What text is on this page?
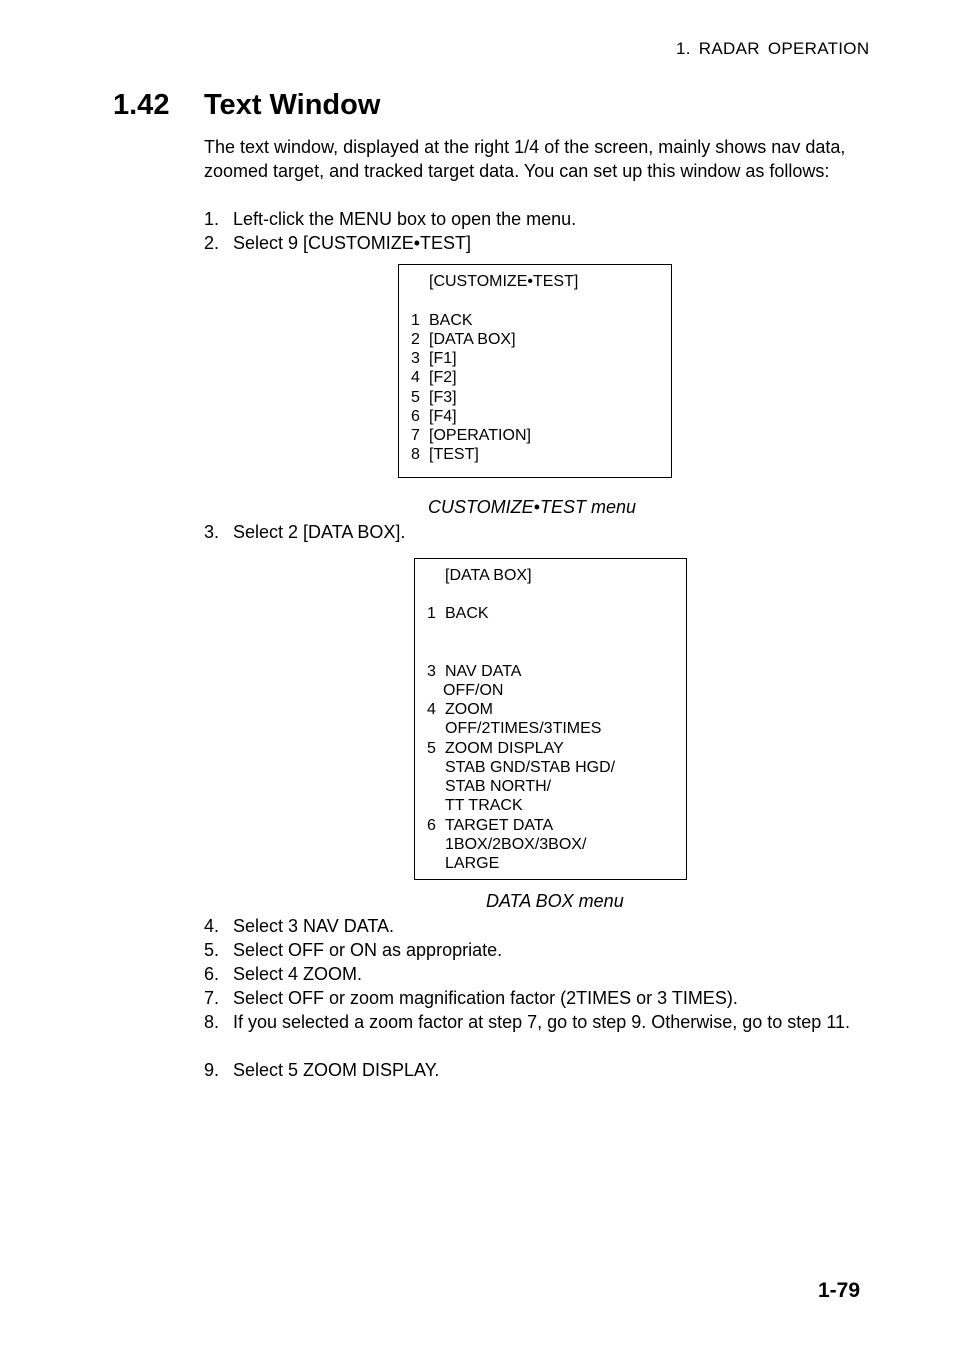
1. RADAR OPERATION
1.42 Text Window
The text window, displayed at the right 1/4 of the screen, mainly shows nav data, zoomed target, and tracked target data. You can set up this window as follows:
1. Left-click the MENU box to open the menu.
2. Select 9 [CUSTOMIZE•TEST]
[CUSTOMIZE•TEST]
1 BACK
2 [DATA BOX]
3 [F1]
4 [F2]
5 [F3]
6 [F4]
7 [OPERATION]
8 [TEST]
CUSTOMIZE•TEST menu
3. Select 2 [DATA BOX].
[DATA BOX]
1 BACK
3 NAV DATA
OFF/ON
4 ZOOM
OFF/2TIMES/3TIMES
5 ZOOM DISPLAY
STAB GND/STAB HGD/
STAB NORTH/
TT TRACK
6 TARGET DATA
1BOX/2BOX/3BOX/
LARGE
DATA BOX menu
4. Select 3 NAV DATA.
5. Select OFF or ON as appropriate.
6. Select 4 ZOOM.
7. Select OFF or zoom magnification factor (2TIMES or 3 TIMES).
8. If you selected a zoom factor at step 7, go to step 9. Otherwise, go to step 11.
9. Select 5 ZOOM DISPLAY.
1-79
